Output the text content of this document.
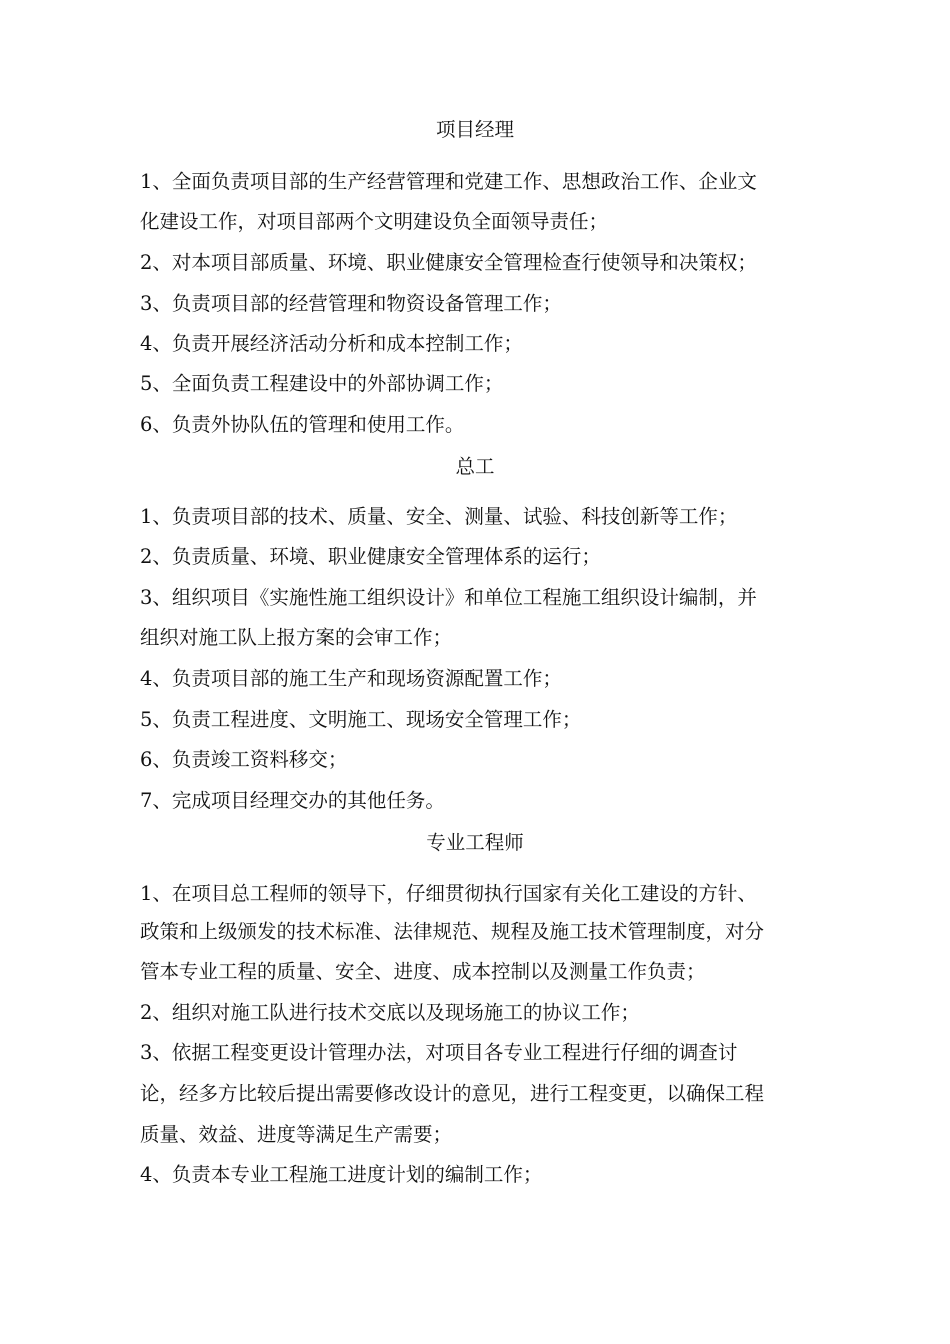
项目经理
1、全面负责项目部的生产经营管理和党建工作、思想政治工作、企业文
化建设工作，对项目部两个文明建设负全面领导责任；
2、对本项目部质量、环境、职业健康安全管理检查行使领导和决策权；
3、负责项目部的经营管理和物资设备管理工作；
4、负责开展经济活动分析和成本控制工作；
5、全面负责工程建设中的外部协调工作；
6、负责外协队伍的管理和使用工作。
总工
1、负责项目部的技术、质量、安全、测量、试验、科技创新等工作；
2、负责质量、环境、职业健康安全管理体系的运行；
3、组织项目《实施性施工组织设计》和单位工程施工组织设计编制，并
组织对施工队上报方案的会审工作；
4、负责项目部的施工生产和现场资源配置工作；
5、负责工程进度、文明施工、现场安全管理工作；
6、负责竣工资料移交；
7、完成项目经理交办的其他任务。
专业工程师
1、在项目总工程师的领导下，仔细贯彻执行国家有关化工建设的方针、
政策和上级颁发的技术标准、法律规范、规程及施工技术管理制度，对分
管本专业工程的质量、安全、进度、成本控制以及测量工作负责；
2、组织对施工队进行技术交底以及现场施工的协议工作；
3、依据工程变更设计管理办法，对项目各专业工程进行仔细的调查讨
论，经多方比较后提出需要修改设计的意见，进行工程变更，以确保工程
质量、效益、进度等满足生产需要；
4、负责本专业工程施工进度计划的编制工作；
